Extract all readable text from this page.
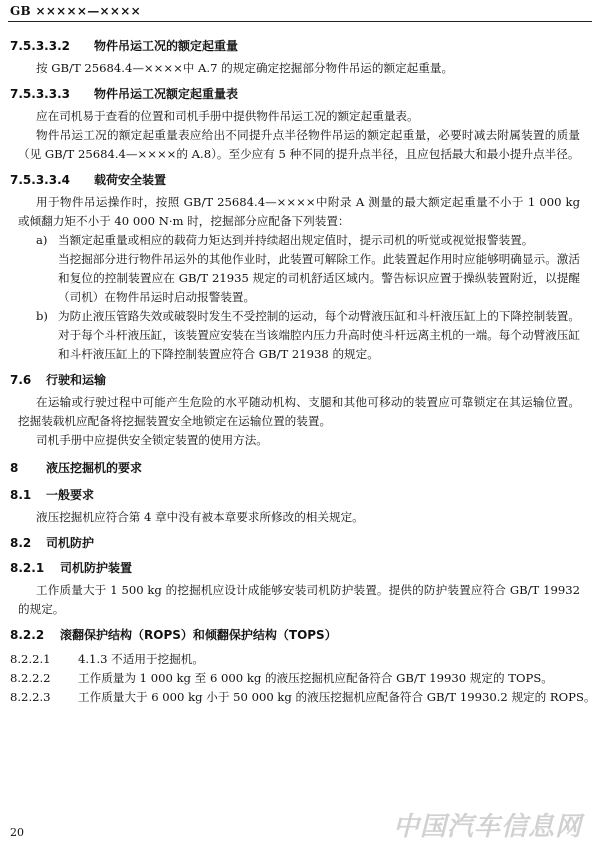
GB ×××××—××××
7.5.3.3.2 物件吊运工况的额定起重量
按 GB/T 25684.4—××××中 A.7 的规定确定挖掘部分物件吊运的额定起重量。
7.5.3.3.3 物件吊运工况额定起重量表
应在司机易于查看的位置和司机手册中提供物件吊运工况的额定起重量表。
物件吊运工况的额定起重量表应给出不同提升点半径物件吊运的额定起重量，必要时减去附属装置的质量（见 GB/T 25684.4—××××的 A.8）。至少应有 5 种不同的提升点半径，且应包括最大和最小提升点半径。
7.5.3.3.4 载荷安全装置
用于物件吊运操作时，按照 GB/T 25684.4—××××中附录 A 测量的最大额定起重量不小于 1 000 kg 或倾翻力矩不小于 40 000 N·m 时，挖掘部分应配备下列装置：
a) 当额定起重量或相应的载荷力矩达到并持续超出规定值时，提示司机的听觉或视觉报警装置。
当挖掘部分进行物件吊运外的其他作业时，此装置可解除工作。此装置起作用时应能够明确显示。激活和复位的控制装置应在 GB/T 21935 规定的司机舒适区域内。警告标识应置于操纵装置附近，以提醒（司机）在物件吊运时启动报警装置。
b) 为防止液压管路失效或破裂时发生不受控制的运动，每个动臂液压缸和斗杆液压缸上的下降控制装置。对于每个斗杆液压缸，该装置应安装在当该端腔内压力升高时使斗杆远离主机的一端。每个动臂液压缸和斗杆液压缸上的下降控制装置应符合 GB/T 21938 的规定。
7.6 行驶和运输
在运输或行驶过程中可能产生危险的水平随动机构、支腿和其他可移动的装置应可靠锁定在其运输位置。挖掘装载机应配备将挖掘装置安全地锁定在运输位置的装置。
司机手册中应提供安全锁定装置的使用方法。
8 液压挖掘机的要求
8.1 一般要求
液压挖掘机应符合第 4 章中没有被本章要求所修改的相关规定。
8.2 司机防护
8.2.1 司机防护装置
工作质量大于 1 500 kg 的挖掘机应设计成能够安装司机防护装置。提供的防护装置应符合 GB/T 19932 的规定。
8.2.2 滚翻保护结构（ROPS）和倾翻保护结构（TOPS）
8.2.2.1 4.1.3 不适用于挖掘机。
8.2.2.2 工作质量为 1 000 kg 至 6 000 kg 的液压挖掘机应配备符合 GB/T 19930 规定的 TOPS。
8.2.2.3 工作质量大于 6 000 kg 小于 50 000 kg 的液压挖掘机应配备符合 GB/T 19930.2 规定的 ROPS。
20	中国汽车信息网
